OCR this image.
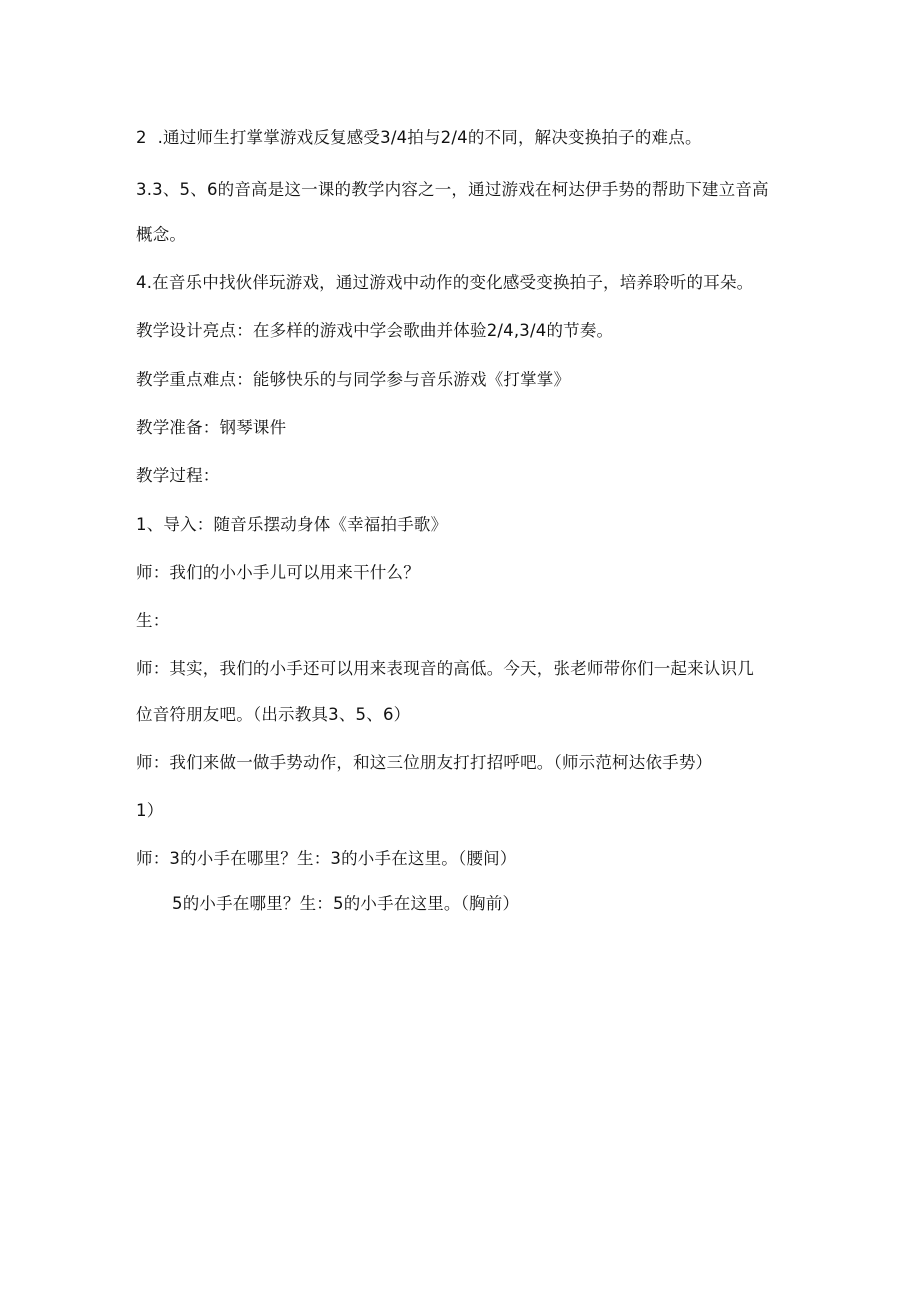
2  .通过师生打掌掌游戏反复感受3/4拍与2/4的不同，解决变换拍子的难点。
3.3、5、6的音高是这一课的教学内容之一，通过游戏在柯达伊手势的帮助下建立音高
概念。
4.在音乐中找伙伴玩游戏，通过游戏中动作的变化感受变换拍子，培养聆听的耳朵。
教学设计亮点：在多样的游戏中学会歌曲并体验2/4,3/4的节奏。
教学重点难点：能够快乐的与同学参与音乐游戏《打掌掌》
教学准备：钢琴课件
教学过程：
1、导入：随音乐摆动身体《幸福拍手歌》
师：我们的小小手儿可以用来干什么？
生：
师：其实，我们的小手还可以用来表现音的高低。今天，张老师带你们一起来认识几
位音符朋友吧。（出示教具3、5、6）
师：我们来做一做手势动作，和这三位朋友打打招呼吧。（师示范柯达依手势）
1）
师：3的小手在哪里？生：3的小手在这里。（腰间）
5的小手在哪里？生：5的小手在这里。（胸前）
